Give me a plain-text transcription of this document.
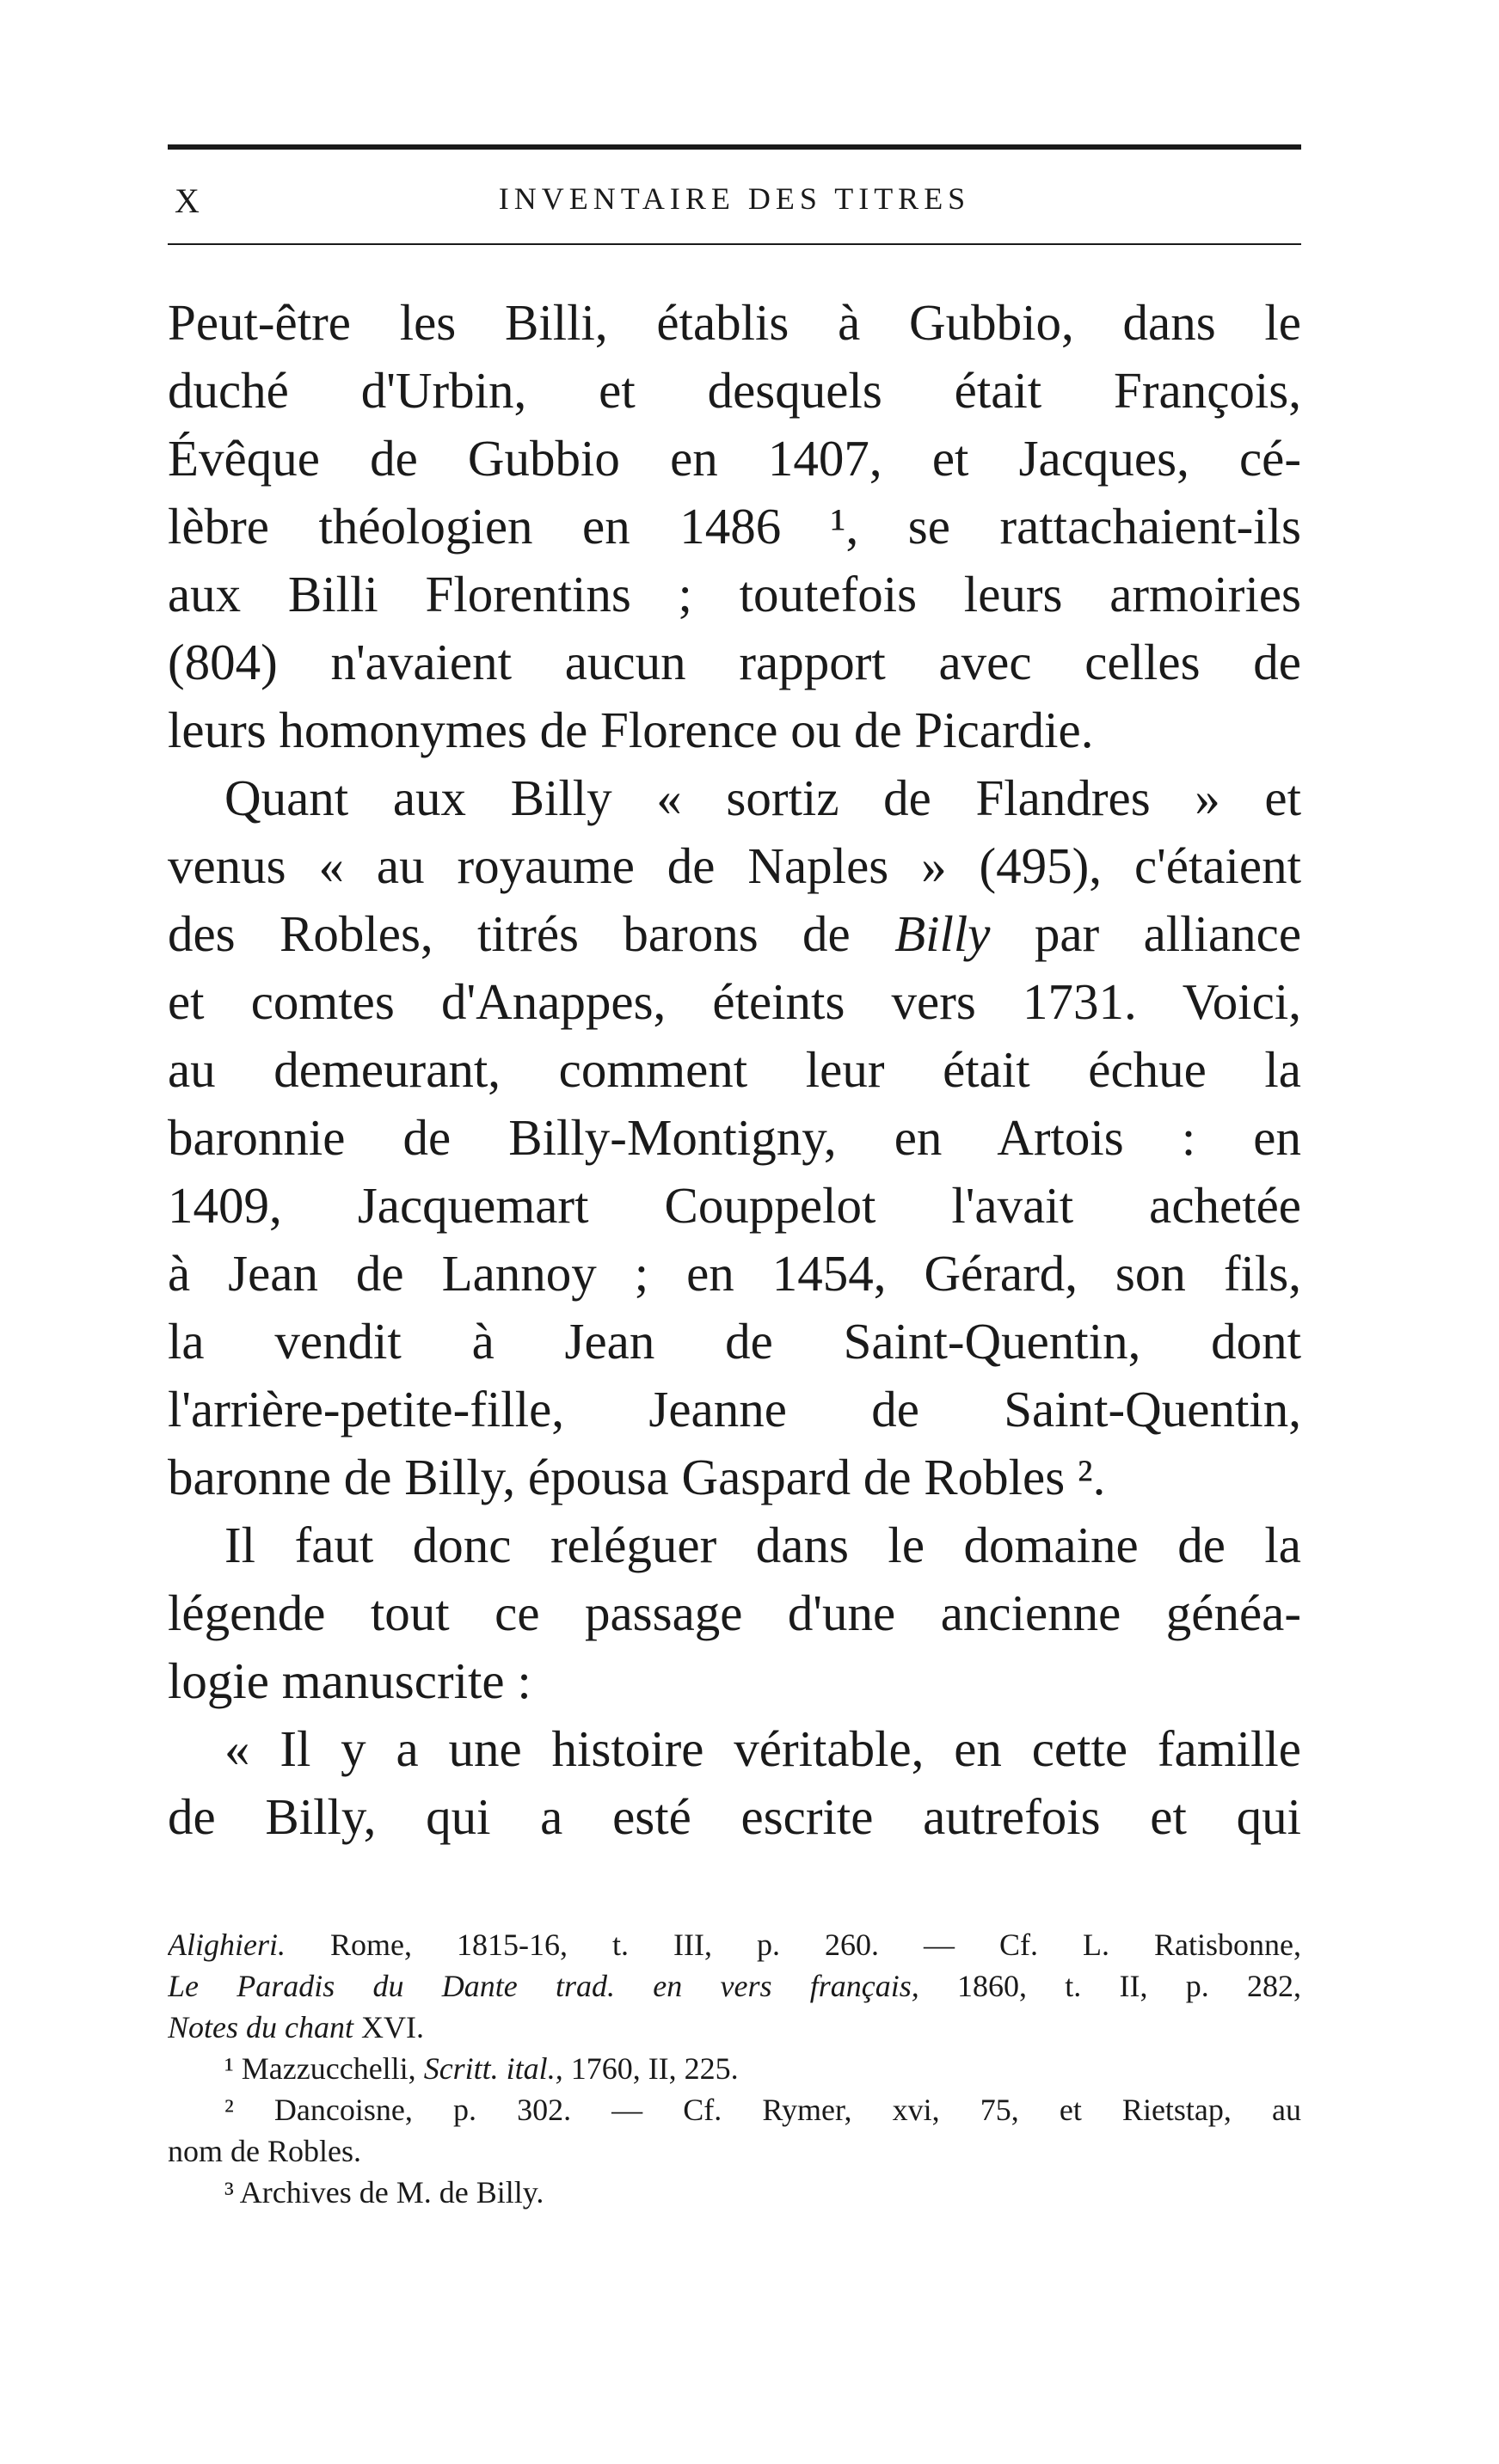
X	INVENTAIRE DES TITRES
Peut-être les Billi, établis à Gubbio, dans le
duché d'Urbin, et desquels était François,
Évêque de Gubbio en 1407, et Jacques, cé-
lèbre théologien en 1486 ¹, se rattachaient-ils
aux Billi Florentins ; toutefois leurs armoiries
(804) n'avaient aucun rapport avec celles de
leurs homonymes de Florence ou de Picardie.
Quant aux Billy « sortiz de Flandres » et
venus « au royaume de Naples » (495), c'étaient
des Robles, titrés barons de Billy par alliance
et comtes d'Anappes, éteints vers 1731. Voici,
au demeurant, comment leur était échue la
baronnie de Billy-Montigny, en Artois : en
1409, Jacquemart Couppelot l'avait achetée
à Jean de Lannoy ; en 1454, Gérard, son fils,
la vendit à Jean de Saint-Quentin, dont
l'arrière-petite-fille, Jeanne de Saint-Quentin,
baronne de Billy, épousa Gaspard de Robles ².
Il faut donc reléguer dans le domaine de la
légende tout ce passage d'une ancienne généa-
logie manuscrite :
« Il y a une histoire véritable, en cette famille
de Billy, qui a esté escrite autrefois et qui
Alighieri. Rome, 1815-16, t. III, p. 260. — Cf. L. Ratisbonne,
Le Paradis du Dante trad. en vers français, 1860, t. II, p. 282,
Notes du chant XVI.
¹ Mazzucchelli, Scritt. ital., 1760, II, 225.
² Dancoisne, p. 302. — Cf. Rymer, xvi, 75, et Rietstap, au
nom de Robles.
³ Archives de M. de Billy.
